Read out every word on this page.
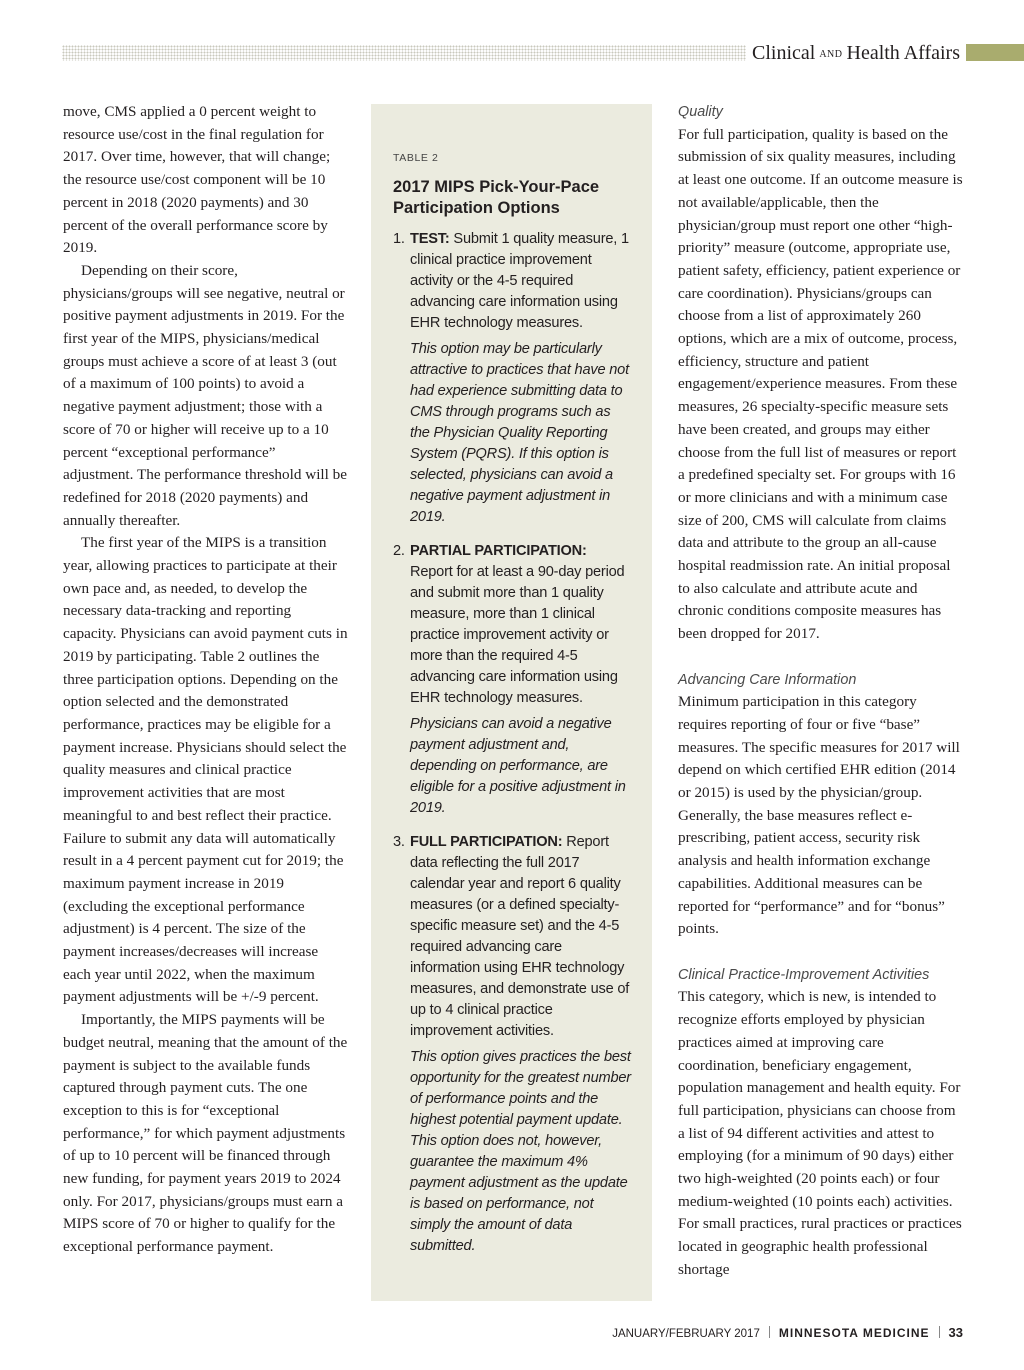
Clinical AND Health Affairs

move, CMS applied a 0 percent weight to resource use/cost in the final regulation for 2017. Over time, however, that will change; the resource use/cost component will be 10 percent in 2018 (2020 payments) and 30 percent of the overall performance score by 2019.

Depending on their score, physicians/groups will see negative, neutral or positive payment adjustments in 2019. For the first year of the MIPS, physicians/medical groups must achieve a score of at least 3 (out of a maximum of 100 points) to avoid a negative payment adjustment; those with a score of 70 or higher will receive up to a 10 percent “exceptional performance” adjustment. The performance threshold will be redefined for 2018 (2020 payments) and annually thereafter.

The first year of the MIPS is a transition year, allowing practices to participate at their own pace and, as needed, to develop the necessary data-tracking and reporting capacity. Physicians can avoid payment cuts in 2019 by participating. Table 2 outlines the three participation options. Depending on the option selected and the demonstrated performance, practices may be eligible for a payment increase. Physicians should select the quality measures and clinical practice improvement activities that are most meaningful to and best reflect their practice. Failure to submit any data will automatically result in a 4 percent payment cut for 2019; the maximum payment increase in 2019 (excluding the exceptional performance adjustment) is 4 percent. The size of the payment increases/decreases will increase each year until 2022, when the maximum payment adjustments will be +/-9 percent.

Importantly, the MIPS payments will be budget neutral, meaning that the amount of the payment is subject to the available funds captured through payment cuts. The one exception to this is for “exceptional performance,” for which payment adjustments of up to 10 percent will be financed through new funding, for payment years 2019 to 2024 only. For 2017, physicians/groups must earn a MIPS score of 70 or higher to qualify for the exceptional performance payment.

TABLE 2
2017 MIPS Pick-Your-Pace Participation Options
1. TEST: Submit 1 quality measure, 1 clinical practice improvement activity or the 4-5 required advancing care information using EHR technology measures.
This option may be particularly attractive to practices that have not had experience submitting data to CMS through programs such as the Physician Quality Reporting System (PQRS). If this option is selected, physicians can avoid a negative payment adjustment in 2019.
2. PARTIAL PARTICIPATION: Report for at least a 90-day period and submit more than 1 quality measure, more than 1 clinical practice improvement activity or more than the required 4-5 advancing care information using EHR technology measures.
Physicians can avoid a negative payment adjustment and, depending on performance, are eligible for a positive adjustment in 2019.
3. FULL PARTICIPATION: Report data reflecting the full 2017 calendar year and report 6 quality measures (or a defined specialty-specific measure set) and the 4-5 required advancing care information using EHR technology measures, and demonstrate use of up to 4 clinical practice improvement activities.
This option gives practices the best opportunity for the greatest number of performance points and the highest potential payment update. This option does not, however, guarantee the maximum 4% payment adjustment as the update is based on performance, not simply the amount of data submitted.
Quality

For full participation, quality is based on the submission of six quality measures, including at least one outcome. If an outcome measure is not available/applicable, then the physician/group must report one other “high-priority” measure (outcome, appropriate use, patient safety, efficiency, patient experience or care coordination). Physicians/groups can choose from a list of approximately 260 options, which are a mix of outcome, process, efficiency, structure and patient engagement/experience measures. From these measures, 26 specialty-specific measure sets have been created, and groups may either choose from the full list of measures or report a predefined specialty set. For groups with 16 or more clinicians and with a minimum case size of 200, CMS will calculate from claims data and attribute to the group an all-cause hospital readmission rate. An initial proposal to also calculate and attribute acute and chronic conditions composite measures has been dropped for 2017.

Advancing Care Information

Minimum participation in this category requires reporting of four or five “base” measures. The specific measures for 2017 will depend on which certified EHR edition (2014 or 2015) is used by the physician/group. Generally, the base measures reflect e-prescribing, patient access, security risk analysis and health information exchange capabilities. Additional measures can be reported for “performance” and for “bonus” points.

Clinical Practice-Improvement Activities

This category, which is new, is intended to recognize efforts employed by physician practices aimed at improving care coordination, beneficiary engagement, population management and health equity. For full participation, physicians can choose from a list of 94 different activities and attest to employing (for a minimum of 90 days) either two high-weighted (20 points each) or four medium-weighted (10 points each) activities. For small practices, rural practices or practices located in geographic health professional shortage

JANUARY/FEBRUARY 2017 MINNESOTA MEDICINE 33
